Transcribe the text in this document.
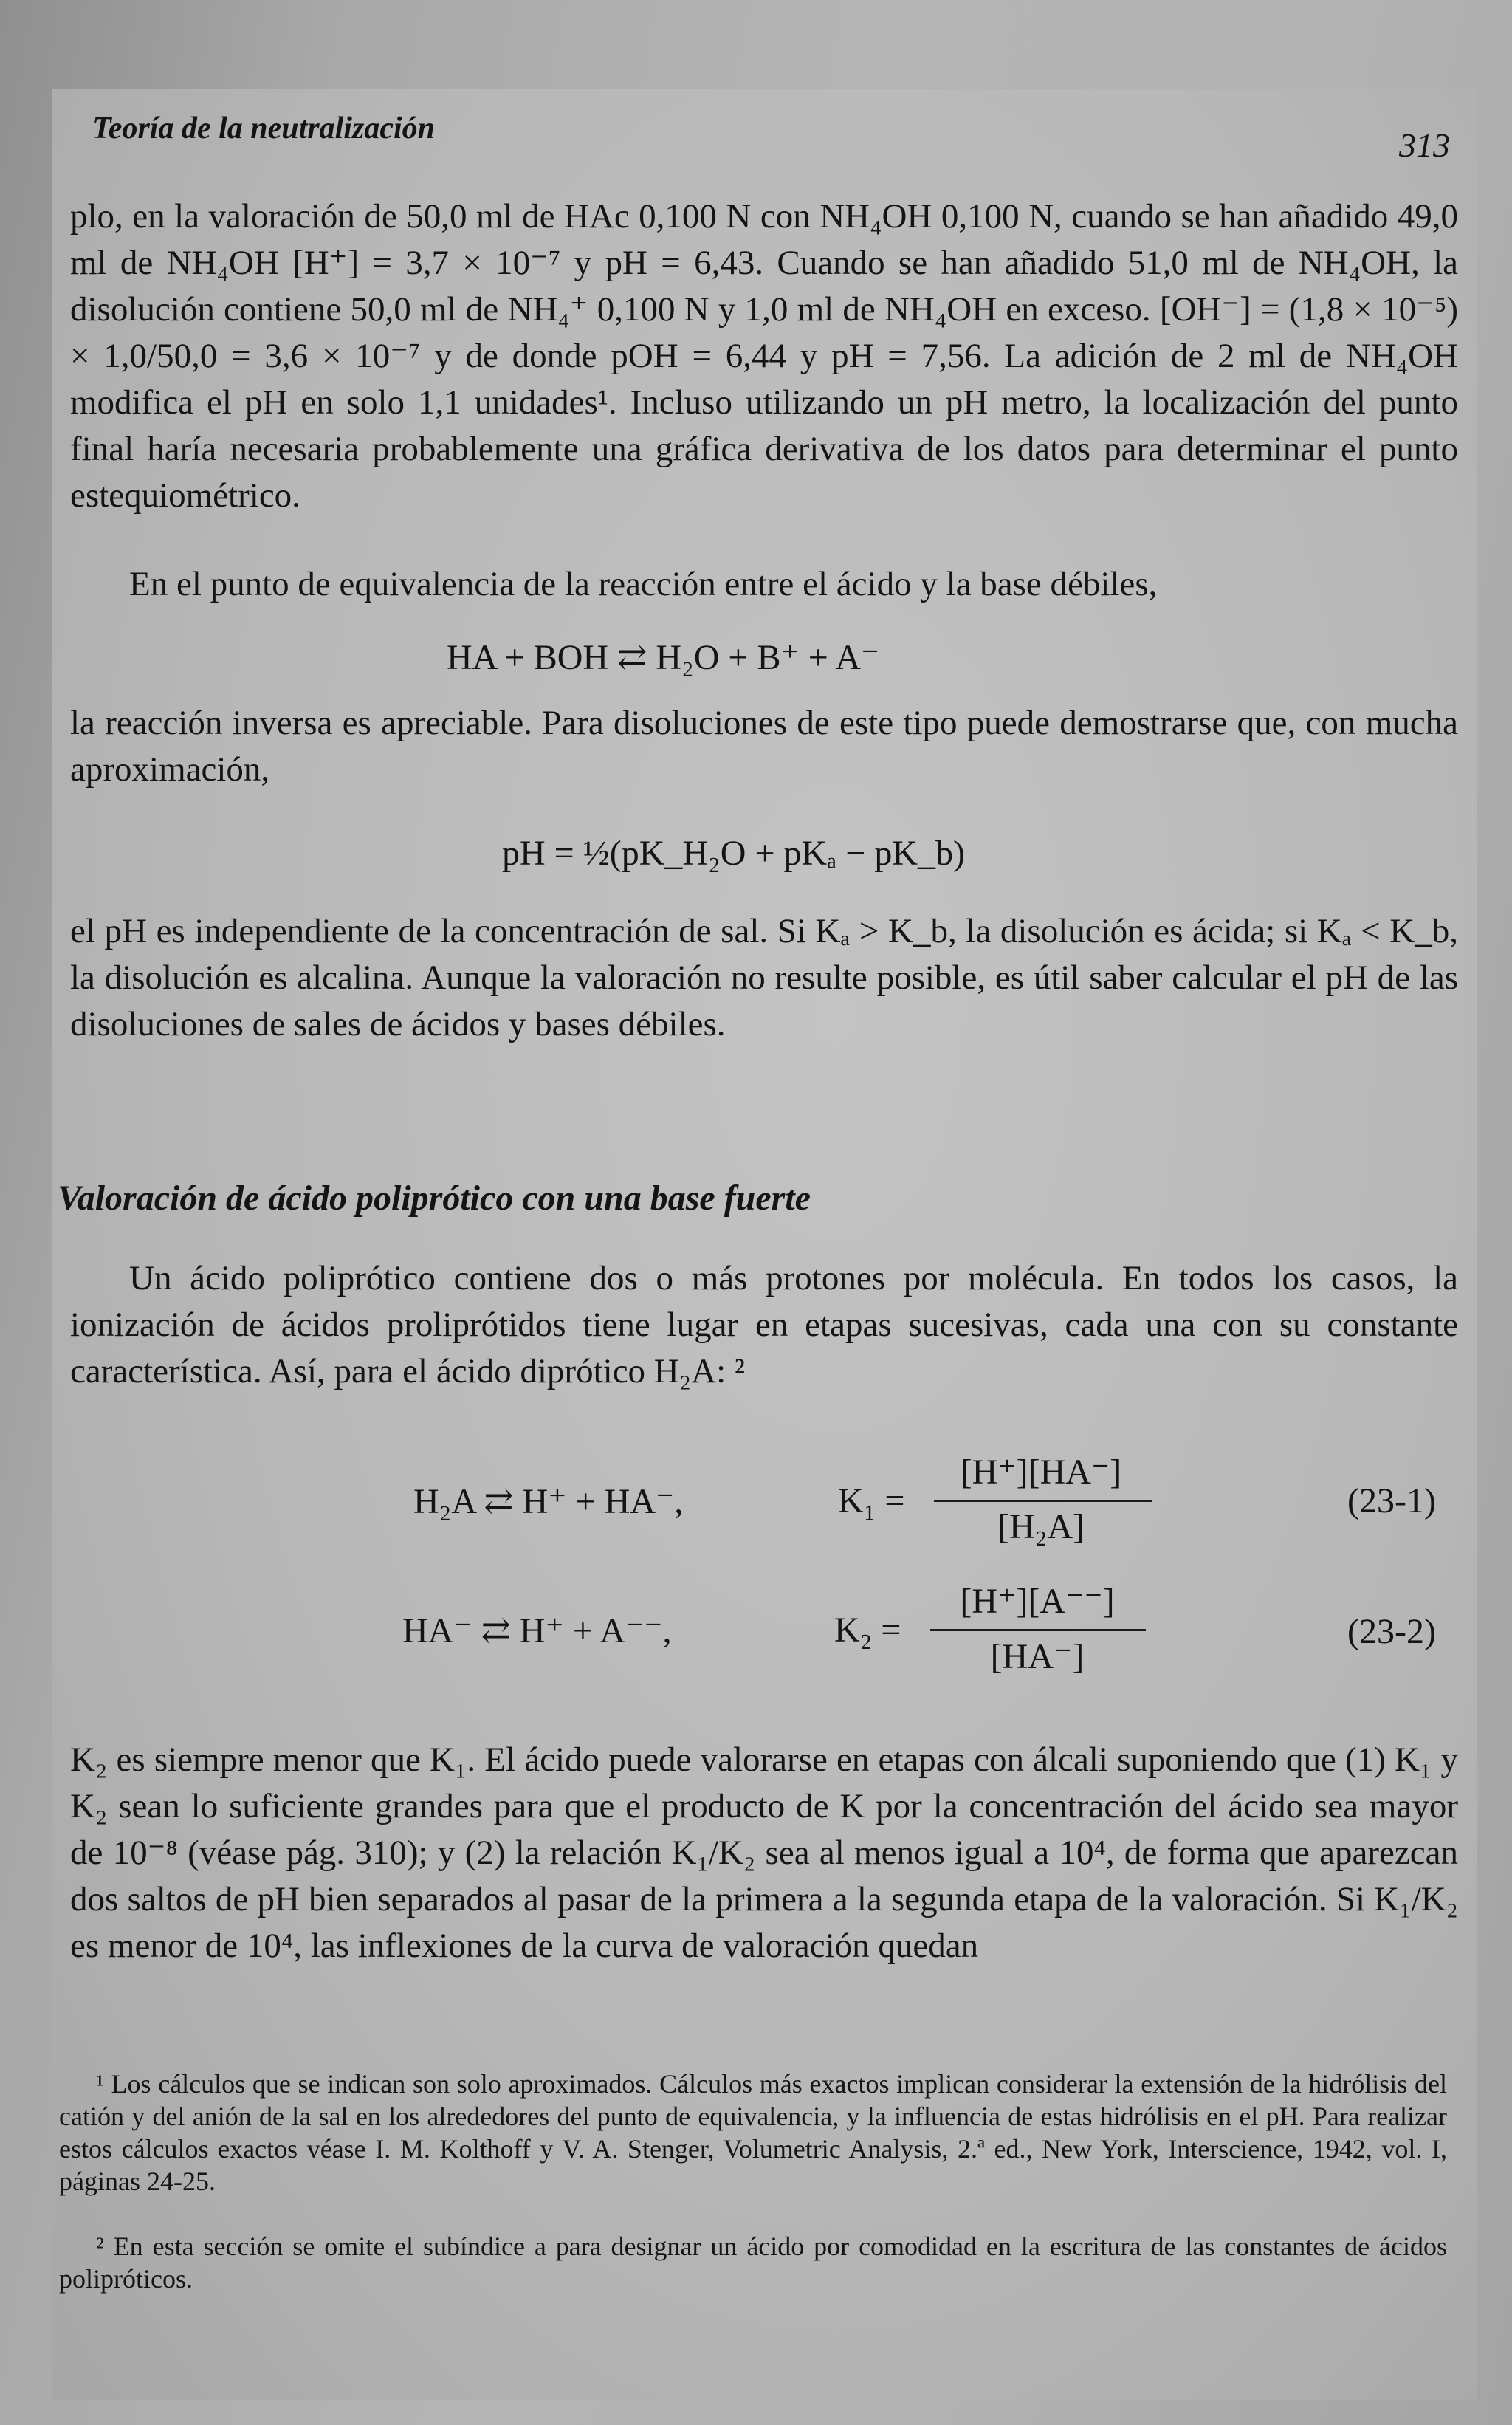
Teoría de la neutralización	313

plo, en la valoración de 50,0 ml de HAc 0,100 N con NH₄OH 0,100 N, cuando se han añadido 49,0 ml de NH₄OH [H⁺] = 3,7 × 10⁻⁷ y pH = 6,43. Cuando se han añadido 51,0 ml de NH₄OH, la disolución contiene 50,0 ml de NH₄⁺ 0,100 N y 1,0 ml de NH₄OH en exceso. [OH⁻] = (1,8 × 10⁻⁵) × 1,0/50,0 = 3,6 × 10⁻⁷ y de donde pOH = 6,44 y pH = 7,56. La adición de 2 ml de NH₄OH modifica el pH en solo 1,1 unidades¹. Incluso utilizando un pH metro, la localización del punto final haría necesaria probablemente una gráfica derivativa de los datos para determinar el punto estequiométrico.

En el punto de equivalencia de la reacción entre el ácido y la base débiles,

HA + BOH ⇄ H₂O + B⁺ + A⁻

la reacción inversa es apreciable. Para disoluciones de este tipo puede demostrarse que, con mucha aproximación,

pH = ½(pK_H₂O + pKₐ − pK_b)

el pH es independiente de la concentración de sal. Si Kₐ > K_b, la disolución es ácida; si Kₐ < K_b, la disolución es alcalina. Aunque la valoración no resulte posible, es útil saber calcular el pH de las disoluciones de sales de ácidos y bases débiles.

Valoración de ácido poliprótico con una base fuerte

Un ácido poliprótico contiene dos o más protones por molécula. En todos los casos, la ionización de ácidos proliprótidos tiene lugar en etapas sucesivas, cada una con su constante característica. Así, para el ácido diprótico H₂A: ²

H₂A ⇄ H⁺ + HA⁻,	K₁ =
[H⁺][HA⁻]
[H₂A]
(23-1)
HA⁻ ⇄ H⁺ + A⁻⁻,	K₂ =
[H⁺][A⁻⁻]
[HA⁻]
(23-2)

K₂ es siempre menor que K₁. El ácido puede valorarse en etapas con álcali suponiendo que (1) K₁ y K₂ sean lo suficiente grandes para que el producto de K por la concentración del ácido sea mayor de 10⁻⁸ (véase pág. 310); y (2) la relación K₁/K₂ sea al menos igual a 10⁴, de forma que aparezcan dos saltos de pH bien separados al pasar de la primera a la segunda etapa de la valoración. Si K₁/K₂ es menor de 10⁴, las inflexiones de la curva de valoración quedan

¹ Los cálculos que se indican son solo aproximados. Cálculos más exactos implican considerar la extensión de la hidrólisis del catión y del anión de la sal en los alrededores del punto de equivalencia, y la influencia de estas hidrólisis en el pH. Para realizar estos cálculos exactos véase I. M. Kolthoff y V. A. Stenger, Volumetric Analysis, 2.ª ed., New York, Interscience, 1942, vol. I, páginas 24-25.

² En esta sección se omite el subíndice a para designar un ácido por comodidad en la escritura de las constantes de ácidos polipróticos.
